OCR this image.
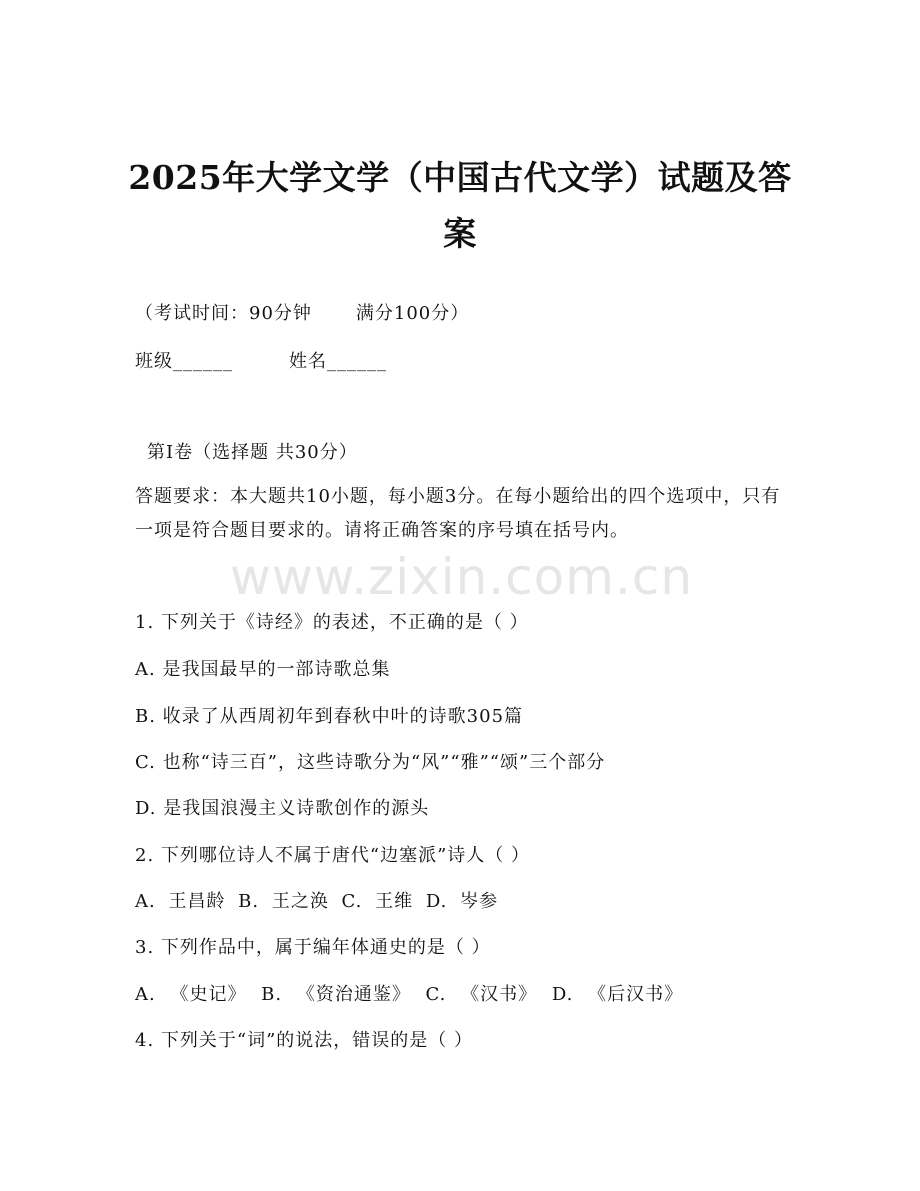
www.zixin.com.cn
2025年大学文学（中国古代文学）试题及答
案
（考试时间：90分钟 满分100分）
班级______	姓名______
第I卷（选择题 共30分）
答题要求：本大题共10小题，每小题3分。在每小题给出的四个选项中，只有一项是符合题目要求的。请将正确答案的序号填在括号内。
1. 下列关于《诗经》的表述，不正确的是（ ）
A. 是我国最早的一部诗歌总集
B. 收录了从西周初年到春秋中叶的诗歌305篇
C. 也称“诗三百”，这些诗歌分为“风”“雅”“颂”三个部分
D. 是我国浪漫主义诗歌创作的源头
2. 下列哪位诗人不属于唐代“边塞派”诗人（ ）
A. 王昌龄 B. 王之涣 C. 王维 D. 岑参
3. 下列作品中，属于编年体通史的是（ ）
A. 《史记》 B. 《资治通鉴》 C. 《汉书》 D. 《后汉书》
4. 下列关于“词”的说法，错误的是（ ）
